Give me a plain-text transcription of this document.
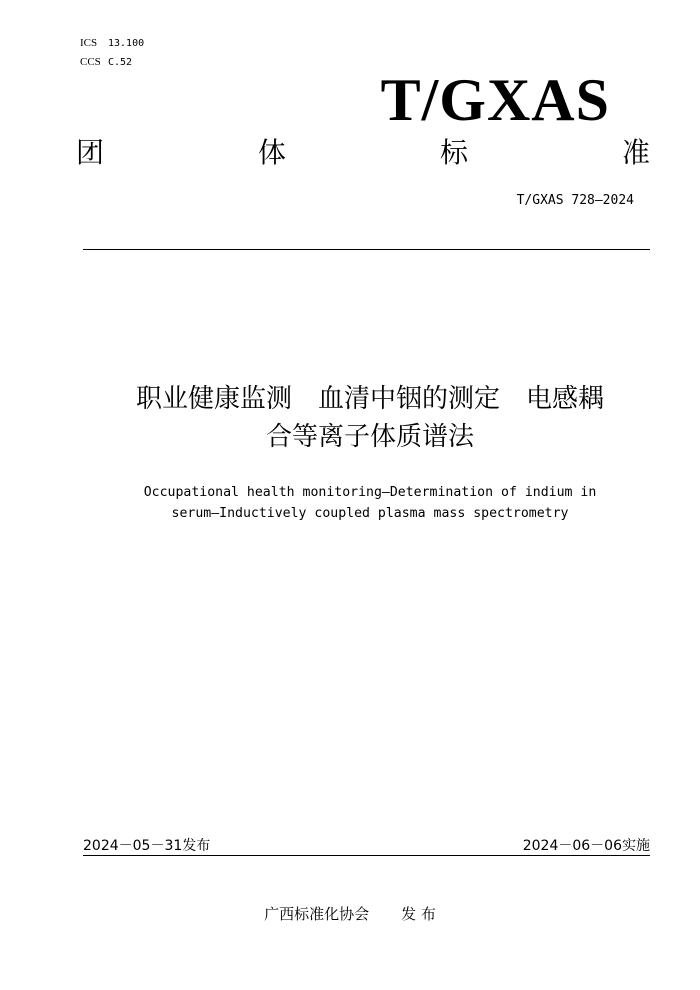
ICS 13.100
CCS C.52
T/GXAS
团	体	标	准
T/GXAS 728—2024
职业健康监测　血清中铟的测定　电感耦
合等离子体质谱法
Occupational health monitoring—Determination of indium in
serum—Inductively coupled plasma mass spectrometry
2024－05－31发布	2024－06－06实施
广西标准化协会 发 布
